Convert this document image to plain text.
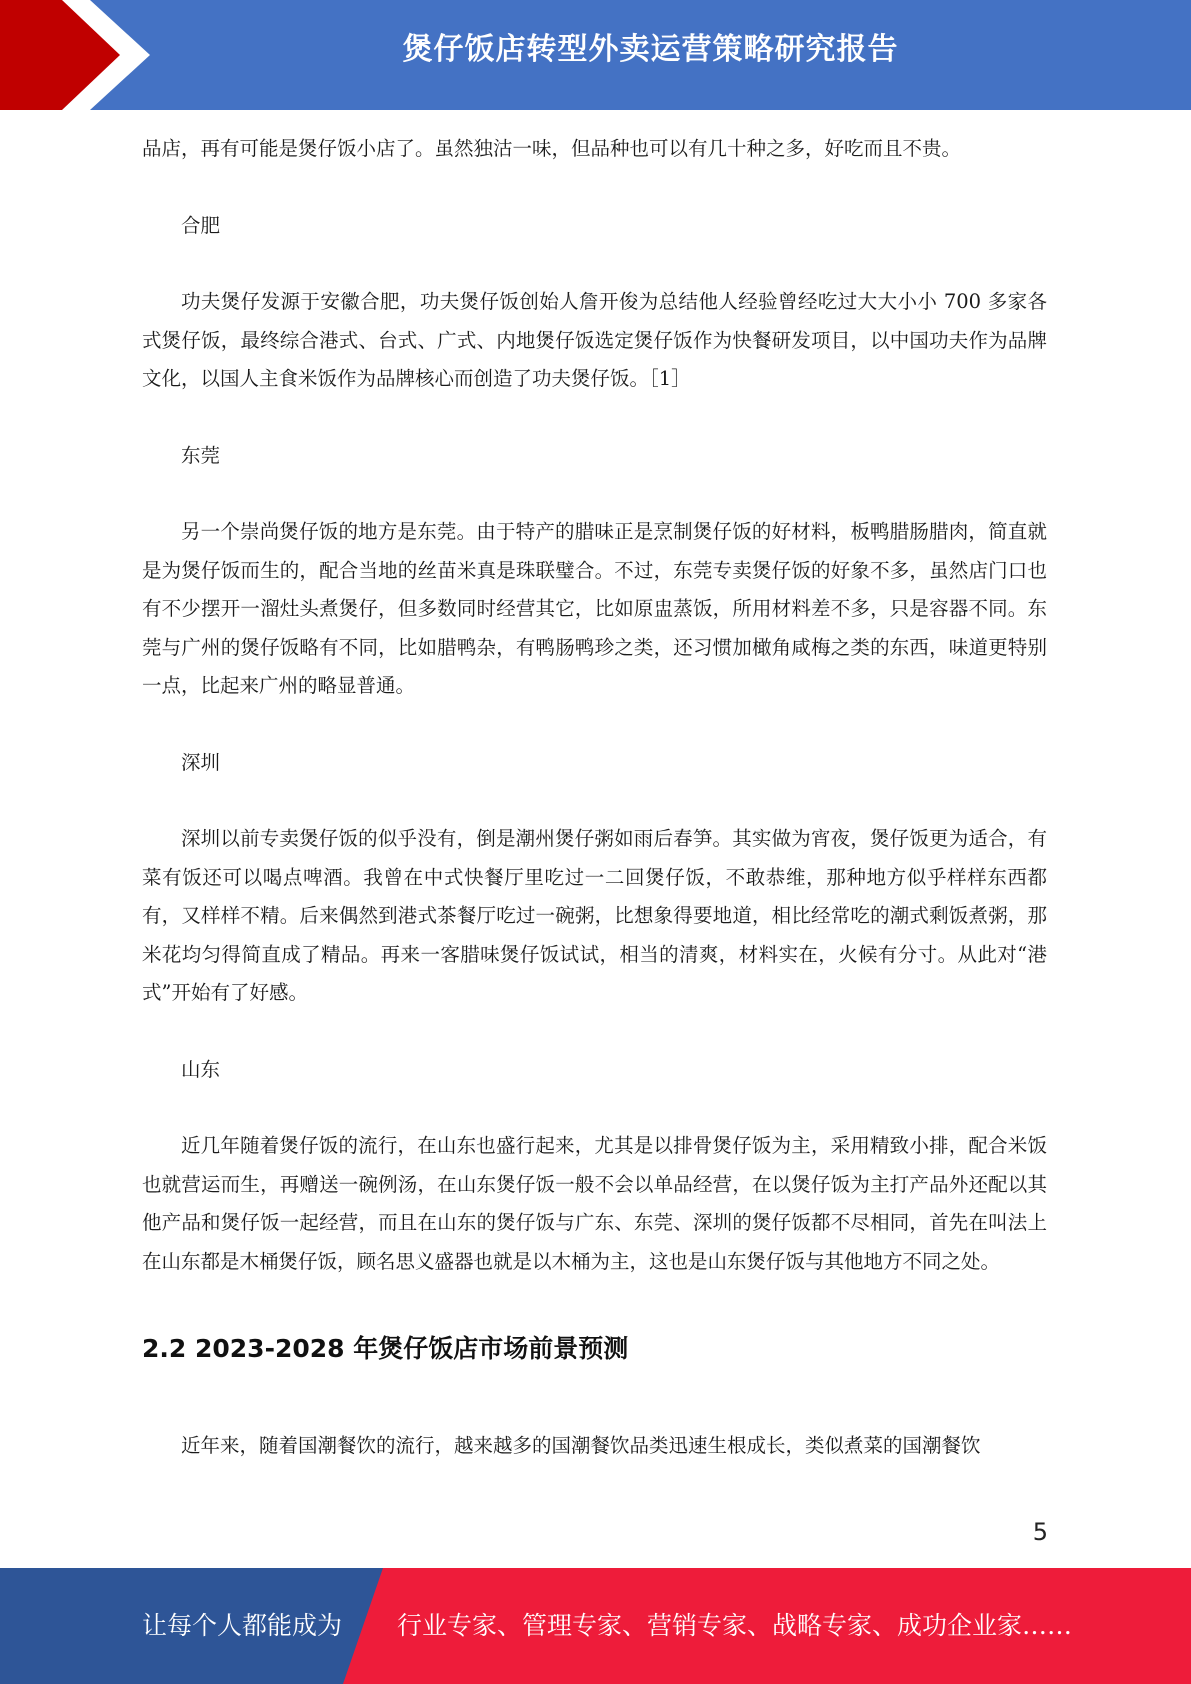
煲仔饭店转型外卖运营策略研究报告

品店，再有可能是煲仔饭小店了。虽然独沽一味，但品种也可以有几十种之多，好吃而且不贵。

合肥

功夫煲仔发源于安徽合肥，功夫煲仔饭创始人詹开俊为总结他人经验曾经吃过大大小小 700 多家各式煲仔饭，最终综合港式、台式、广式、内地煲仔饭选定煲仔饭作为快餐研发项目，以中国功夫作为品牌文化，以国人主食米饭作为品牌核心而创造了功夫煲仔饭。［1］

东莞

另一个崇尚煲仔饭的地方是东莞。由于特产的腊味正是烹制煲仔饭的好材料，板鸭腊肠腊肉，简直就是为煲仔饭而生的，配合当地的丝苗米真是珠联璧合。不过，东莞专卖煲仔饭的好象不多，虽然店门口也有不少摆开一溜灶头煮煲仔，但多数同时经营其它，比如原盅蒸饭，所用材料差不多，只是容器不同。东莞与广州的煲仔饭略有不同，比如腊鸭杂，有鸭肠鸭珍之类，还习惯加橄角咸梅之类的东西，味道更特别一点，比起来广州的略显普通。

深圳

深圳以前专卖煲仔饭的似乎没有，倒是潮州煲仔粥如雨后春笋。其实做为宵夜，煲仔饭更为适合，有菜有饭还可以喝点啤酒。我曾在中式快餐厅里吃过一二回煲仔饭，不敢恭维，那种地方似乎样样东西都有，又样样不精。后来偶然到港式茶餐厅吃过一碗粥，比想象得要地道，相比经常吃的潮式剩饭煮粥，那米花均匀得简直成了精品。再来一客腊味煲仔饭试试，相当的清爽，材料实在，火候有分寸。从此对“港式”开始有了好感。

山东

近几年随着煲仔饭的流行，在山东也盛行起来，尤其是以排骨煲仔饭为主，采用精致小排，配合米饭也就营运而生，再赠送一碗例汤，在山东煲仔饭一般不会以单品经营，在以煲仔饭为主打产品外还配以其他产品和煲仔饭一起经营，而且在山东的煲仔饭与广东、东莞、深圳的煲仔饭都不尽相同，首先在叫法上在山东都是木桶煲仔饭，顾名思义盛器也就是以木桶为主，这也是山东煲仔饭与其他地方不同之处。

2.2 2023-2028 年煲仔饭店市场前景预测

近年来，随着国潮餐饮的流行，越来越多的国潮餐饮品类迅速生根成长，类似煮菜的国潮餐饮

5
让每个人都能成为 行业专家、管理专家、营销专家、战略专家、成功企业家……
